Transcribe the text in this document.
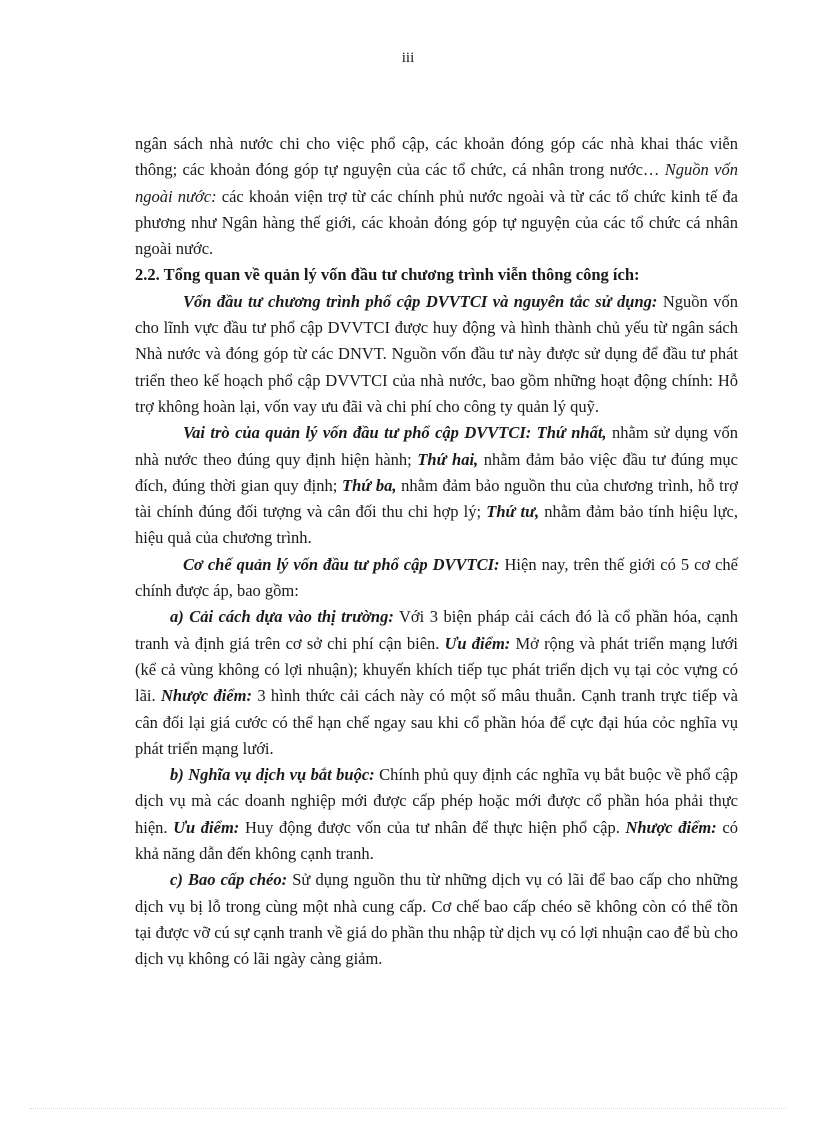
iii

ngân sách nhà nước chi cho việc phổ cập, các khoản đóng góp các nhà khai thác viễn thông; các khoản đóng góp tự nguyện của các tổ chức, cá nhân trong nước… Nguồn vốn ngoài nước: các khoản viện trợ từ các chính phủ nước ngoài và từ các tổ chức kinh tế đa phương như Ngân hàng thế giới, các khoản đóng góp tự nguyện của các tổ chức cá nhân ngoài nước.

2.2. Tổng quan về quản lý vốn đầu tư chương trình viễn thông công ích:

Vốn đầu tư chương trình phổ cập DVVTCI và nguyên tắc sử dụng: Nguồn vốn cho lĩnh vực đầu tư phổ cập DVVTCI được huy động và hình thành chủ yếu từ ngân sách Nhà nước và đóng góp từ các DNVT. Nguồn vốn đầu tư này được sử dụng để đầu tư phát triển theo kế hoạch phổ cập DVVTCI của nhà nước, bao gồm những hoạt động chính: Hỗ trợ không hoàn lại, vốn vay ưu đãi và chi phí cho công ty quản lý quỹ.

Vai trò của quản lý vốn đầu tư phổ cập DVVTCI: Thứ nhất, nhằm sử dụng vốn nhà nước theo đúng quy định hiện hành; Thứ hai, nhằm đảm bảo việc đầu tư đúng mục đích, đúng thời gian quy định; Thứ ba, nhằm đảm bảo nguồn thu của chương trình, hỗ trợ tài chính đúng đối tượng và cân đối thu chi hợp lý; Thứ tư, nhằm đảm bảo tính hiệu lực, hiệu quả của chương trình.

Cơ chế quản lý vốn đầu tư phổ cập DVVTCI: Hiện nay, trên thế giới có 5 cơ chế chính được áp, bao gồm:

a) Cải cách dựa vào thị trường: Với 3 biện pháp cải cách đó là cổ phần hóa, cạnh tranh và định giá trên cơ sở chi phí cận biên. Ưu điểm: Mở rộng và phát triển mạng lưới (kể cả vùng không có lợi nhuận); khuyến khích tiếp tục phát triển dịch vụ tại cỏc vựng có lãi. Nhược điểm: 3 hình thức cải cách này có một số mâu thuẫn. Cạnh tranh trực tiếp và cân đối lại giá cước có thể hạn chế ngay sau khi cổ phần hóa để cực đại húa cỏc nghĩa vụ phát triển mạng lưới.

b) Nghĩa vụ dịch vụ bắt buộc: Chính phủ quy định các nghĩa vụ bắt buộc về phổ cập dịch vụ mà các doanh nghiệp mới được cấp phép hoặc mới được cổ phần hóa phải thực hiện. Ưu điểm: Huy động được vốn của tư nhân để thực hiện phổ cập. Nhược điểm: có khả năng dẫn đến không cạnh tranh.

c) Bao cấp chéo: Sử dụng nguồn thu từ những dịch vụ có lãi để bao cấp cho những dịch vụ bị lỗ trong cùng một nhà cung cấp. Cơ chế bao cấp chéo sẽ không còn có thể tồn tại được vỡ cú sự cạnh tranh về giá do phần thu nhập từ dịch vụ có lợi nhuận cao để bù cho dịch vụ không có lãi ngày càng giảm.
